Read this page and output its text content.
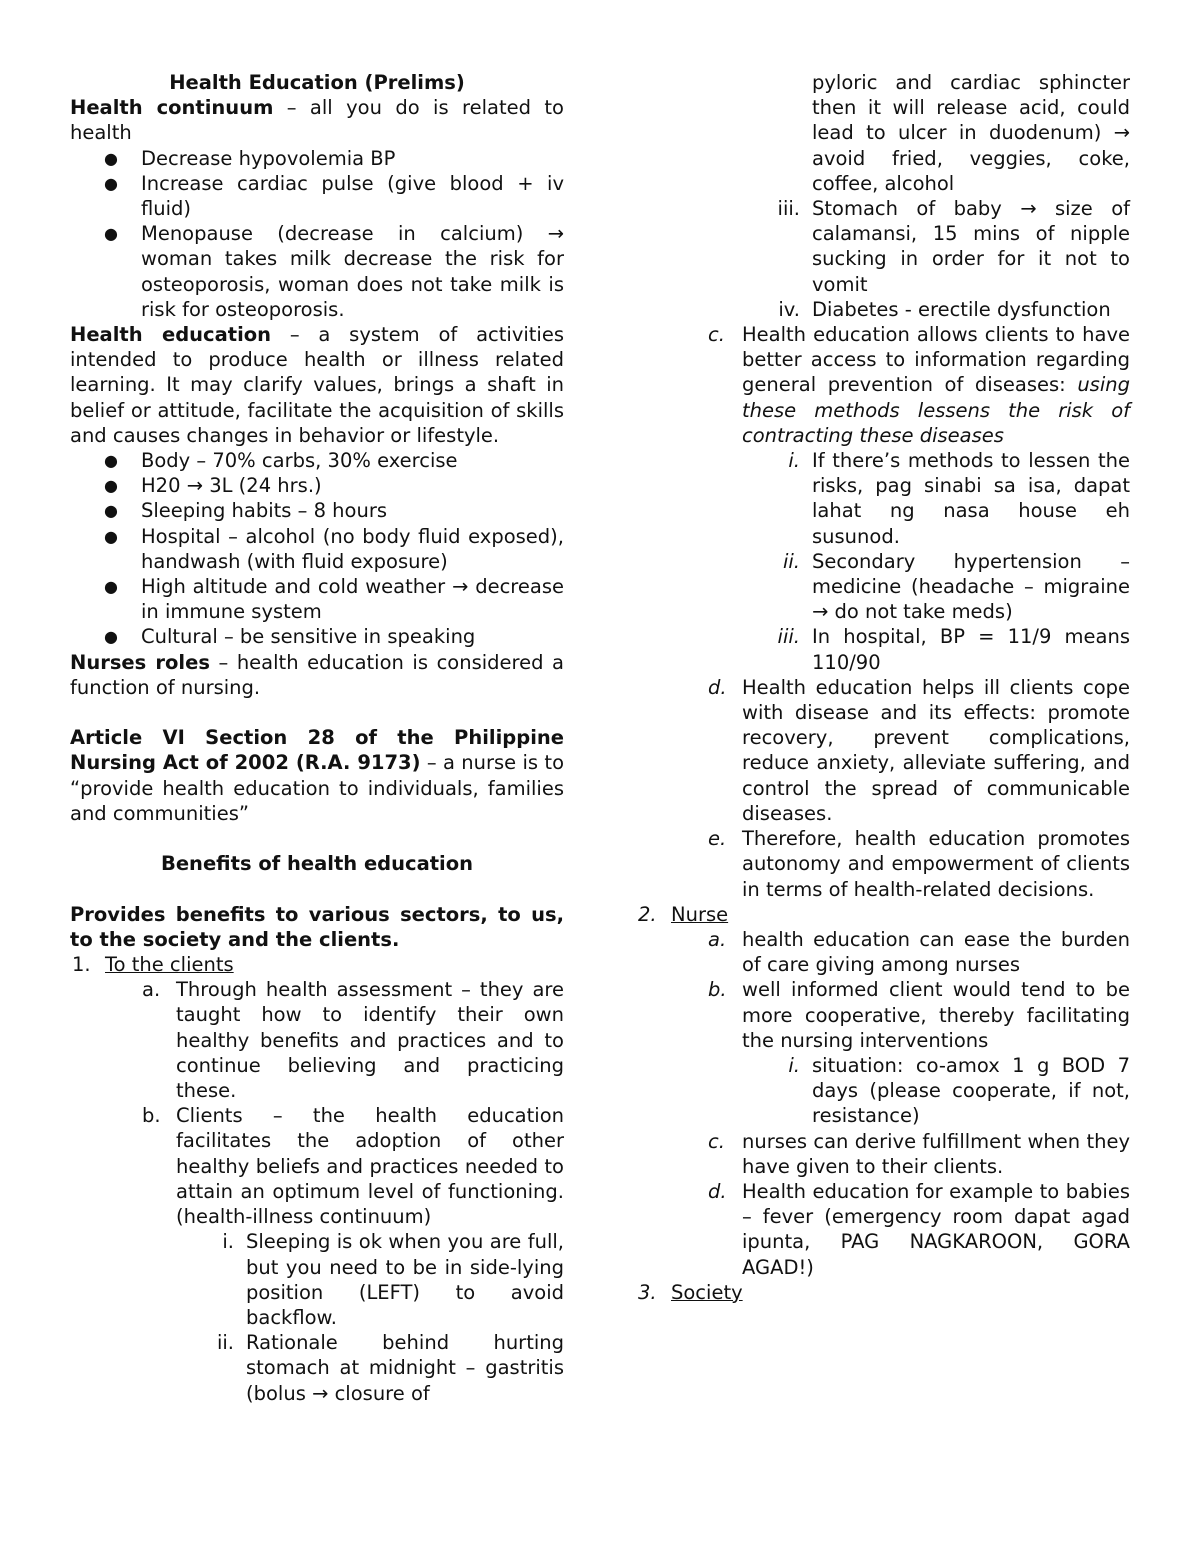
Health Education (Prelims)

Health continuum – all you do is related to health

● Decrease hypovolemia BP
● Increase cardiac pulse (give blood + iv fluid)
● Menopause (decrease in calcium) → woman takes milk decrease the risk for osteoporosis, woman does not take milk is risk for osteoporosis.

Health education – a system of activities intended to produce health or illness related learning. It may clarify values, brings a shaft in belief or attitude, facilitate the acquisition of skills and causes changes in behavior or lifestyle.

● Body – 70% carbs, 30% exercise
● H20 → 3L (24 hrs.)
● Sleeping habits – 8 hours
● Hospital – alcohol (no body fluid exposed), handwash (with fluid exposure)
● High altitude and cold weather → decrease in immune system
● Cultural – be sensitive in speaking

Nurses roles – health education is considered a function of nursing.

Article VI Section 28 of the Philippine Nursing Act of 2002 (R.A. 9173) – a nurse is to “provide health education to individuals, families and communities”

Benefits of health education

Provides benefits to various sectors, to us, to the society and the clients.

1. To the clients
a. Through health assessment – they are taught how to identify their own healthy benefits and practices and to continue believing and practicing these.
b. Clients – the health education facilitates the adoption of other healthy beliefs and practices needed to attain an optimum level of functioning. (health-illness continuum)
i. Sleeping is ok when you are full, but you need to be in side-lying position (LEFT) to avoid backflow.
ii. Rationale behind hurting stomach at midnight – gastritis (bolus → closure of
pyloric and cardiac sphincter then it will release acid, could lead to ulcer in duodenum) → avoid fried, veggies, coke, coffee, alcohol
iii. Stomach of baby → size of calamansi, 15 mins of nipple sucking in order for it not to vomit
iv. Diabetes - erectile dysfunction
c. Health education allows clients to have better access to information regarding general prevention of diseases: using these methods lessens the risk of contracting these diseases
i. If there’s methods to lessen the risks, pag sinabi sa isa, dapat lahat ng nasa house eh susunod.
ii. Secondary hypertension – medicine (headache – migraine → do not take meds)
iii. In hospital, BP = 11/9 means 110/90
d. Health education helps ill clients cope with disease and its effects: promote recovery, prevent complications, reduce anxiety, alleviate suffering, and control the spread of communicable diseases.
e. Therefore, health education promotes autonomy and empowerment of clients in terms of health-related decisions.
2. Nurse
a. health education can ease the burden of care giving among nurses
b. well informed client would tend to be more cooperative, thereby facilitating the nursing interventions
i. situation: co-amox 1 g BOD 7 days (please cooperate, if not, resistance)
c. nurses can derive fulfillment when they have given to their clients.
d. Health education for example to babies – fever (emergency room dapat agad ipunta, PAG NAGKAROON, GORA AGAD!)
3. Society
